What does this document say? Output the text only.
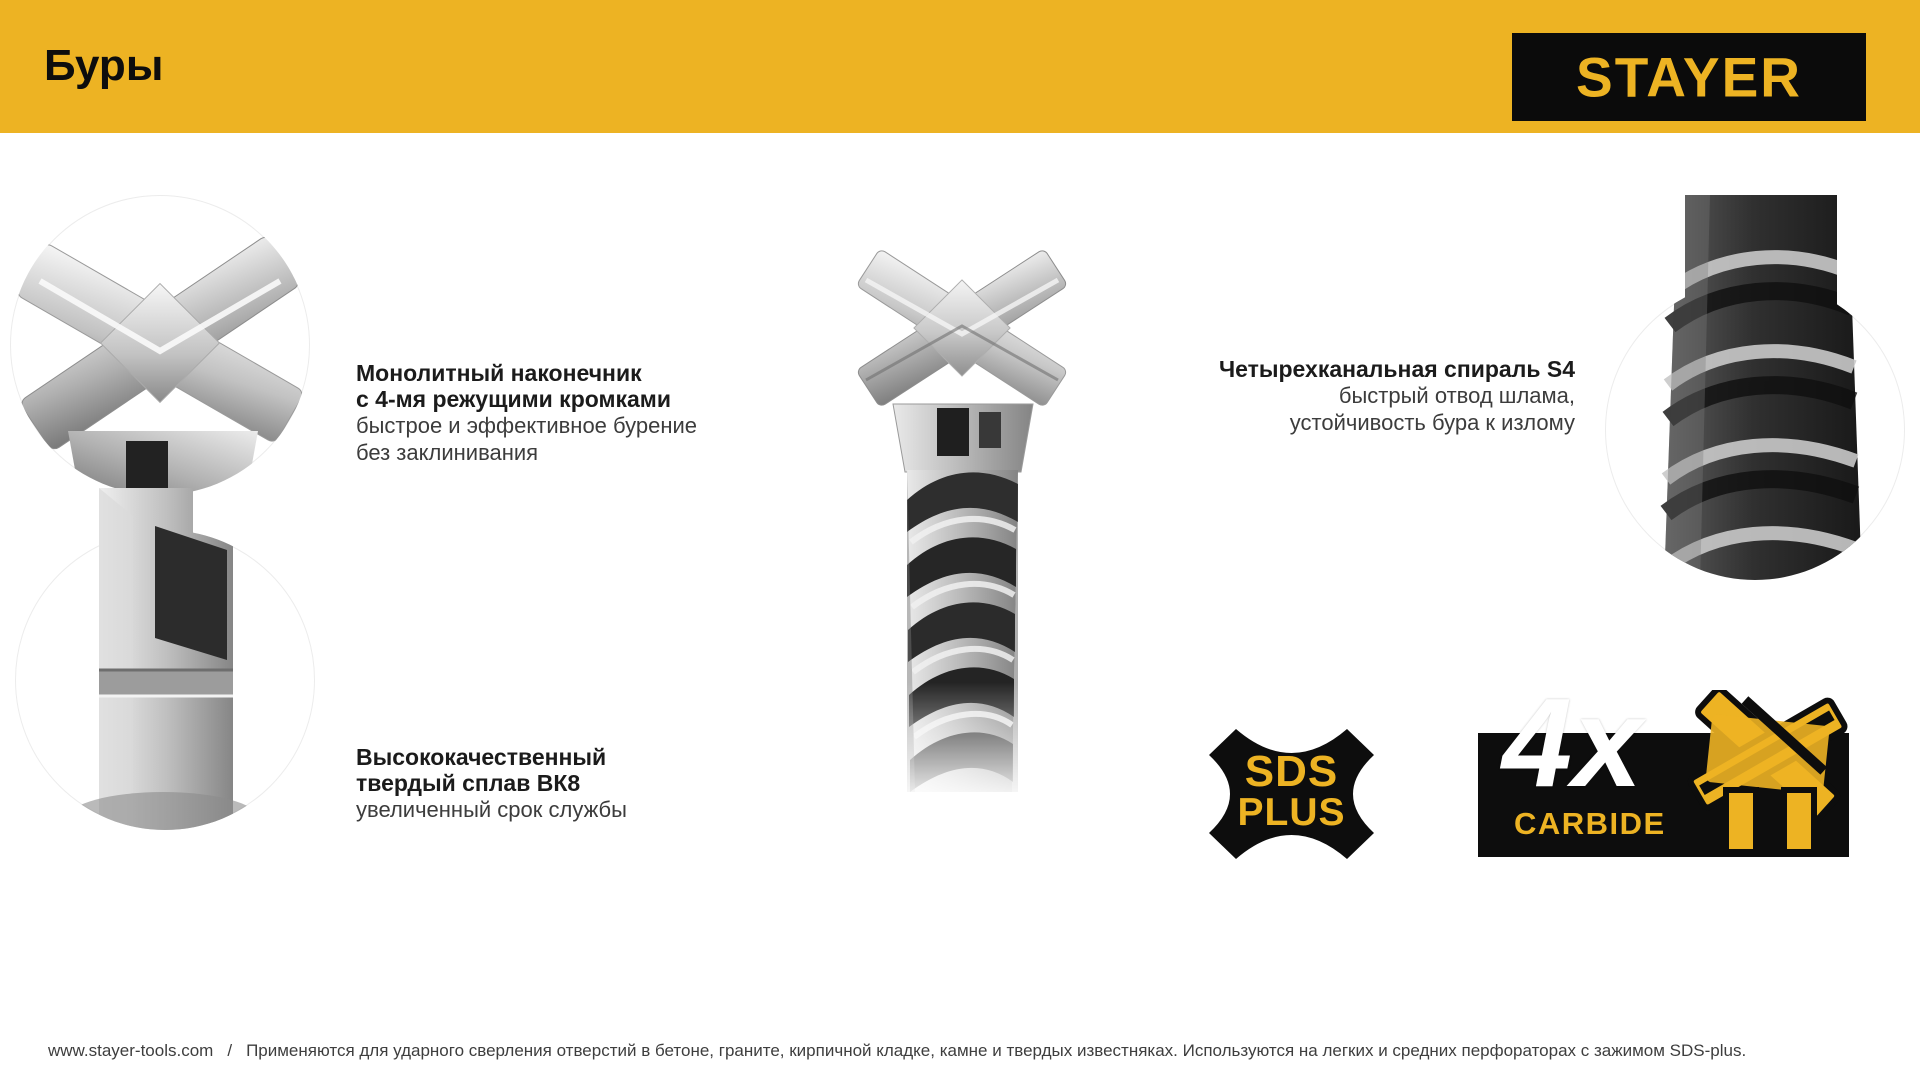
Буры	STAYER
Монолитный наконечник
с 4-мя режущими кромками
быстрое и эффективное бурение
без заклинивания
Высококачественный
твердый сплав ВК8
увеличенный срок службы
Четырехканальная спираль S4
быстрый отвод шлама,
устойчивость бура к излому
SDS
PLUS 4x
CARBIDE
www.stayer-tools.com / Применяются для ударного сверления отверстий в бетоне, граните, кирпичной кладке, камне и твердых известняках. Используются на легких и средних перфораторах с зажимом SDS-plus.
